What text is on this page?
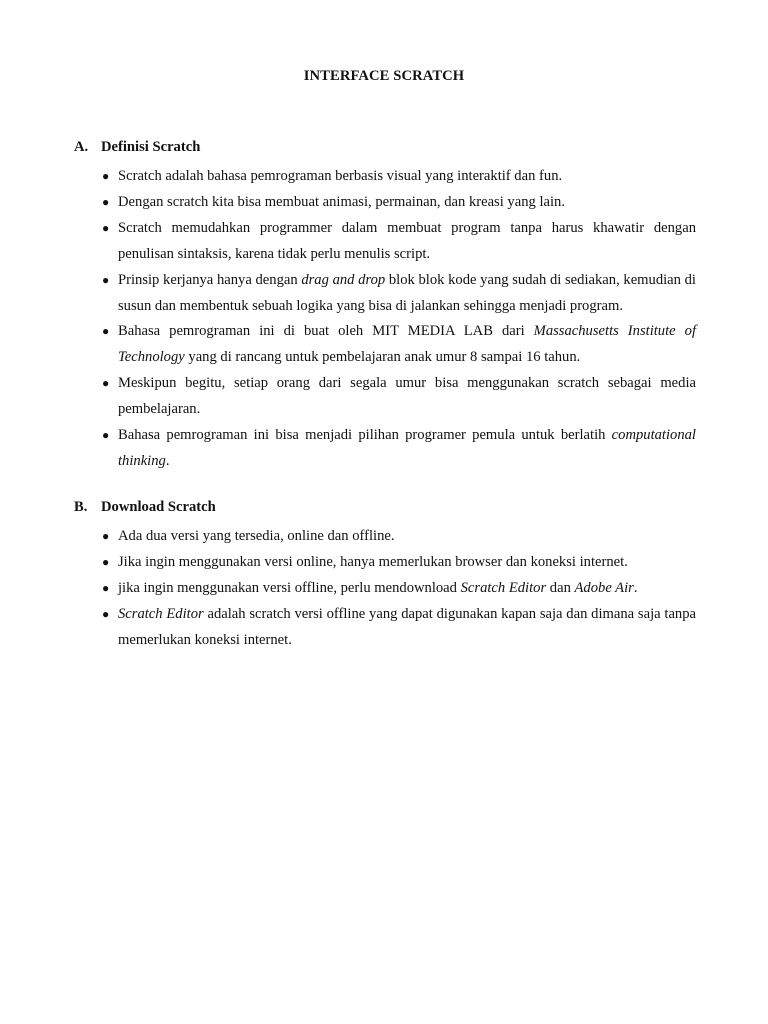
INTERFACE SCRATCH
A. Definisi Scratch
● Scratch adalah bahasa pemrograman berbasis visual yang interaktif dan fun.
● Dengan scratch kita bisa membuat animasi, permainan, dan kreasi yang lain.
● Scratch memudahkan programmer dalam membuat program tanpa harus khawatir dengan penulisan sintaksis, karena tidak perlu menulis script.
● Prinsip kerjanya hanya dengan drag and drop blok blok kode yang sudah di sediakan, kemudian di susun dan membentuk sebuah logika yang bisa di jalankan sehingga menjadi program.
● Bahasa pemrograman ini di buat oleh MIT MEDIA LAB dari Massachusetts Institute of Technology yang di rancang untuk pembelajaran anak umur 8 sampai 16 tahun.
● Meskipun begitu, setiap orang dari segala umur bisa menggunakan scratch sebagai media pembelajaran.
● Bahasa pemrograman ini bisa menjadi pilihan programer pemula untuk berlatih computational thinking.
B. Download Scratch
● Ada dua versi yang tersedia, online dan offline.
● Jika ingin menggunakan versi online, hanya memerlukan browser dan koneksi internet.
● jika ingin menggunakan versi offline, perlu mendownload Scratch Editor dan Adobe Air.
● Scratch Editor adalah scratch versi offline yang dapat digunakan kapan saja dan dimana saja tanpa memerlukan koneksi internet.
